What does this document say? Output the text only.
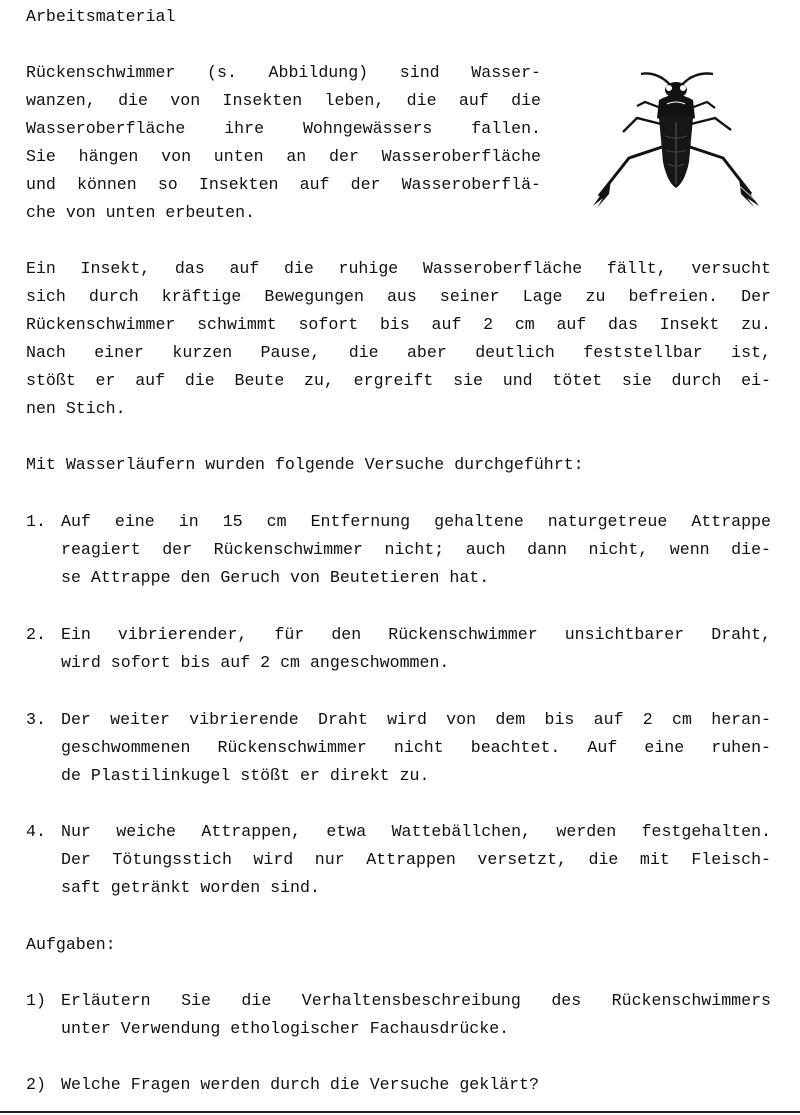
Arbeitsmaterial
Rückenschwimmer (s. Abbildung) sind Wasser-
wanzen, die von Insekten leben, die auf die
Wasseroberfläche ihre Wohngewässers fallen.
Sie hängen von unten an der Wasseroberfläche
und können so Insekten auf der Wasseroberflä-
che von unten erbeuten.
Ein Insekt, das auf die ruhige Wasseroberfläche fällt, versucht
sich durch kräftige Bewegungen aus seiner Lage zu befreien. Der
Rückenschwimmer schwimmt sofort bis auf 2 cm auf das Insekt zu.
Nach einer kurzen Pause, die aber deutlich feststellbar ist,
stößt er auf die Beute zu, ergreift sie und tötet sie durch ei-
nen Stich.
Mit Wasserläufern wurden folgende Versuche durchgeführt:
1. Auf eine in 15 cm Entfernung gehaltene naturgetreue Attrappe
reagiert der Rückenschwimmer nicht; auch dann nicht, wenn die-
se Attrappe den Geruch von Beutetieren hat.
2. Ein vibrierender, für den Rückenschwimmer unsichtbarer Draht,
wird sofort bis auf 2 cm angeschwommen.
3. Der weiter vibrierende Draht wird von dem bis auf 2 cm heran-
geschwommenen Rückenschwimmer nicht beachtet. Auf eine ruhen-
de Plastilinkugel stößt er direkt zu.
4. Nur weiche Attrappen, etwa Wattebällchen, werden festgehalten.
Der Tötungsstich wird nur Attrappen versetzt, die mit Fleisch-
saft getränkt worden sind.
Aufgaben:
1) Erläutern Sie die Verhaltensbeschreibung des Rückenschwimmers
unter Verwendung ethologischer Fachausdrücke.
2) Welche Fragen werden durch die Versuche geklärt?
